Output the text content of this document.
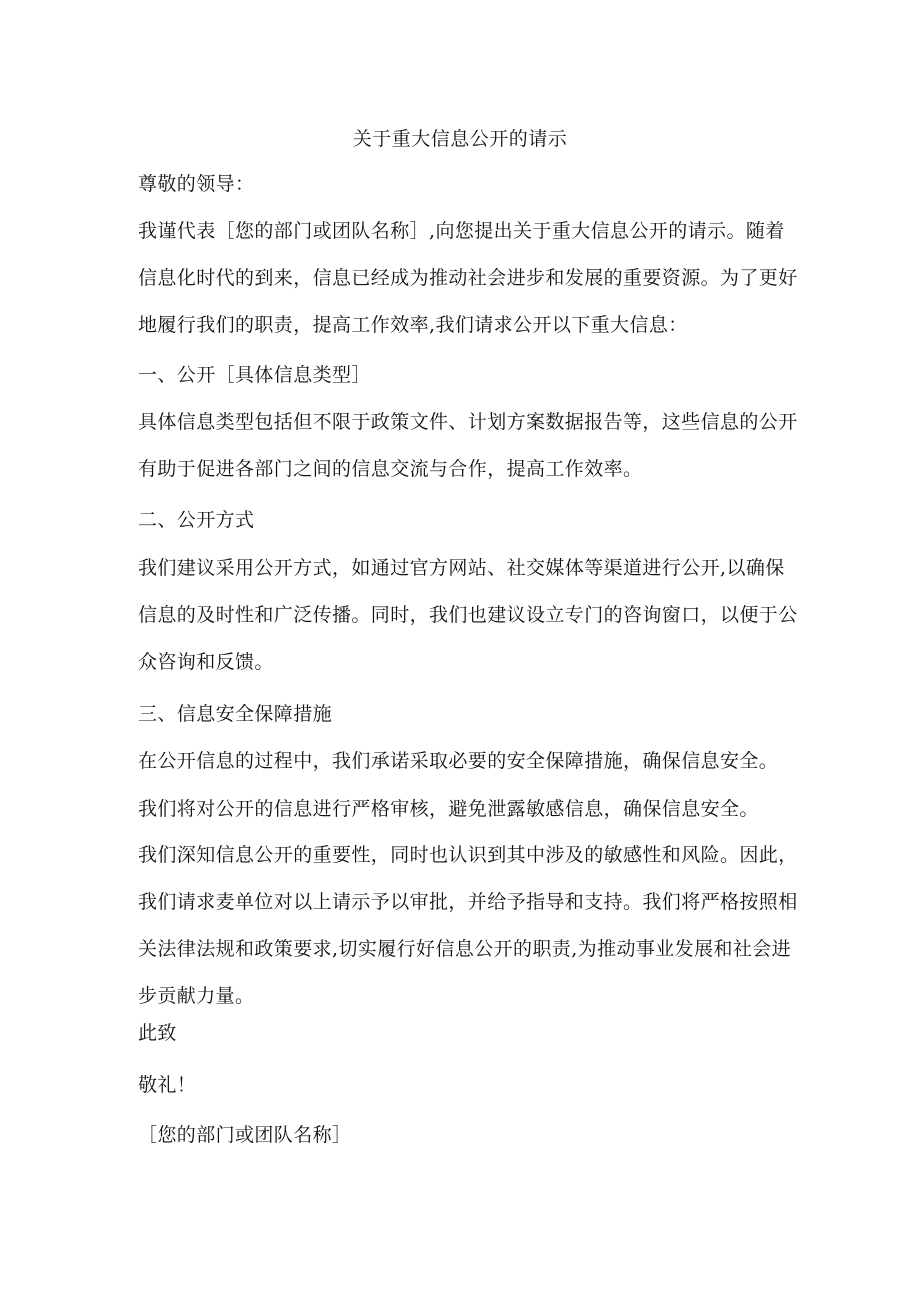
关于重大信息公开的请示
尊敬的领导：
我谨代表［您的部门或团队名称］,向您提出关于重大信息公开的请示。随着信息化时代的到来，信息已经成为推动社会进步和发展的重要资源。为了更好地履行我们的职责，提高工作效率,我们请求公开以下重大信息：
一、公开［具体信息类型］
具体信息类型包括但不限于政策文件、计划方案数据报告等，这些信息的公开有助于促进各部门之间的信息交流与合作，提高工作效率。
二、公开方式
我们建议采用公开方式，如通过官方网站、社交媒体等渠道进行公开,以确保信息的及时性和广泛传播。同时，我们也建议设立专门的咨询窗口，以便于公众咨询和反馈。
三、信息安全保障措施
在公开信息的过程中，我们承诺采取必要的安全保障措施，确保信息安全。
我们将对公开的信息进行严格审核，避免泄露敏感信息，确保信息安全。
我们深知信息公开的重要性，同时也认识到其中涉及的敏感性和风险。因此，我们请求麦单位对以上请示予以审批，并给予指导和支持。我们将严格按照相关法律法规和政策要求,切实履行好信息公开的职责,为推动事业发展和社会进步贡献力量。
此致
敬礼！
［您的部门或团队名称］
